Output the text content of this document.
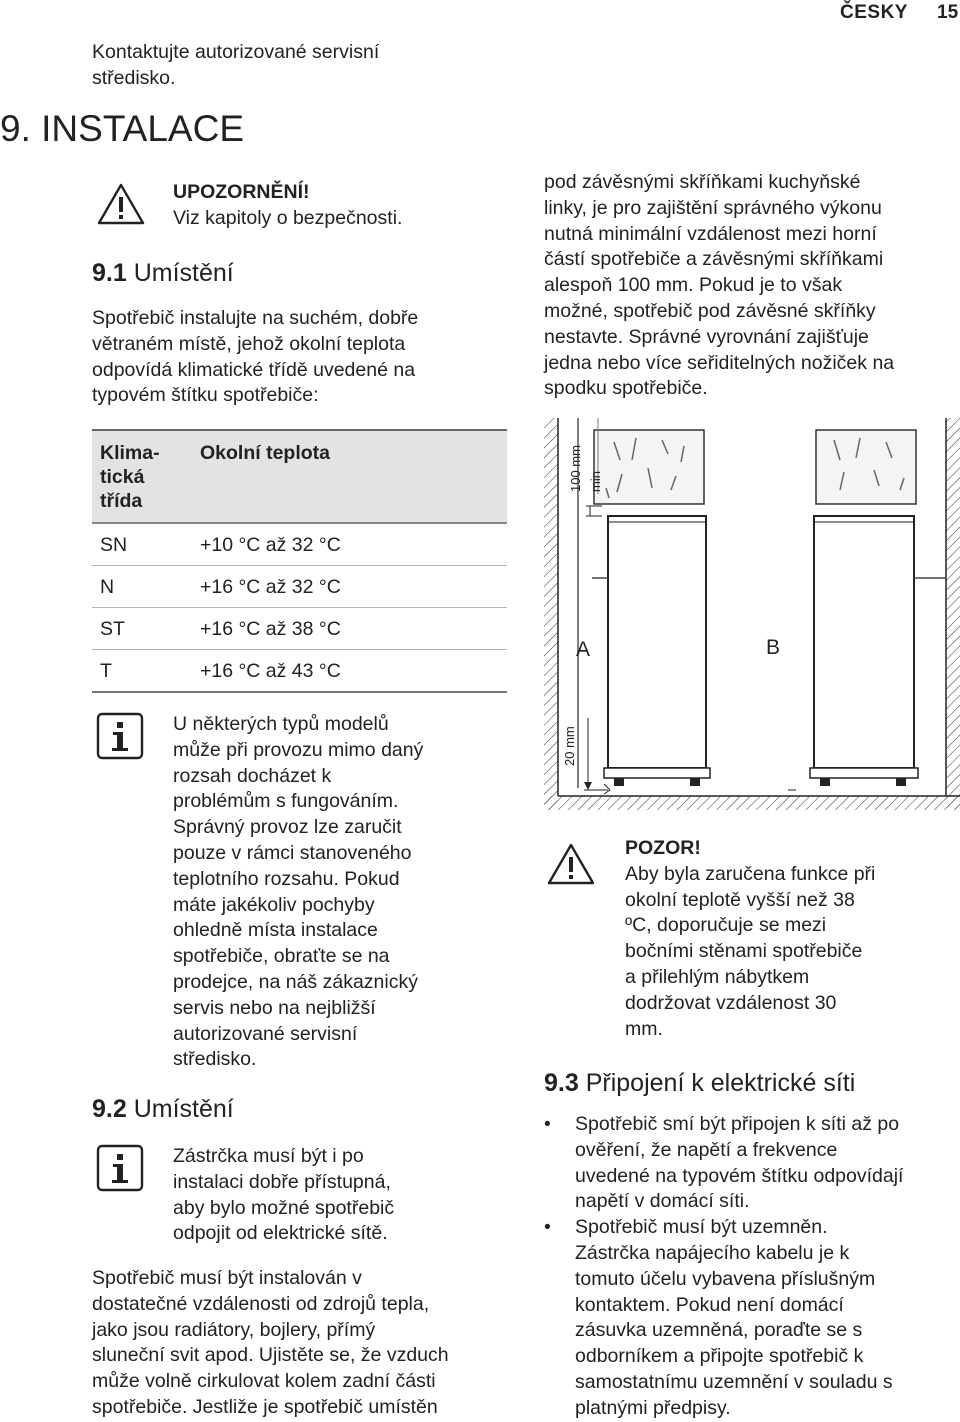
ČESKY 15
Kontaktujte autorizované servisní
středisko.
9. INSTALACE
UPOZORNĚNÍ!
Viz kapitoly o bezpečnosti.
9.1 Umístění
Spotřebič instalujte na suchém, dobře
větraném místě, jehož okolní teplota
odpovídá klimatické třídě uvedené na
typovém štítku spotřebiče:
Klima-
tická
třída	Okolní teplota
SN	+10 °C až 32 °C
N	+16 °C až 32 °C
ST	+16 °C až 38 °C
T	+16 °C až 43 °C
U některých typů modelů
může při provozu mimo daný
rozsah docházet k
problémům s fungováním.
Správný provoz lze zaručit
pouze v rámci stanoveného
teplotního rozsahu. Pokud
máte jakékoliv pochyby
ohledně místa instalace
spotřebiče, obraťte se na
prodejce, na náš zákaznický
servis nebo na nejbližší
autorizované servisní
středisko.
9.2 Umístění
Zástrčka musí být i po
instalaci dobře přístupná,
aby bylo možné spotřebič
odpojit od elektrické sítě.
Spotřebič musí být instalován v
dostatečné vzdálenosti od zdrojů tepla,
jako jsou radiátory, bojlery, přímý
sluneční svit apod. Ujistěte se, že vzduch
může volně cirkulovat kolem zadní části
spotřebiče. Jestliže je spotřebič umístěn
pod závěsnými skříňkami kuchyňské
linky, je pro zajištění správného výkonu
nutná minimální vzdálenost mezi horní
částí spotřebiče a závěsnými skříňkami
alespoň 100 mm. Pokud je to však
možné, spotřebič pod závěsné skříňky
nestavte. Správné vyrovnání zajišťuje
jedna nebo více seřiditelných nožiček na
spodku spotřebiče.
100 mm min
20 mm
A	B
POZOR!
Aby byla zaručena funkce při
okolní teplotě vyšší než 38
ºC, doporučuje se mezi
bočními stěnami spotřebiče
a přilehlým nábytkem
dodržovat vzdálenost 30
mm.
9.3 Připojení k elektrické síti
• Spotřebič smí být připojen k síti až po
ověření, že napětí a frekvence
uvedené na typovém štítku odpovídají
napětí v domácí síti.
• Spotřebič musí být uzemněn.
Zástrčka napájecího kabelu je k
tomuto účelu vybavena příslušným
kontaktem. Pokud není domácí
zásuvka uzemněná, poraďte se s
odborníkem a připojte spotřebič k
samostatnímu uzemnění v souladu s
platnými předpisy.
